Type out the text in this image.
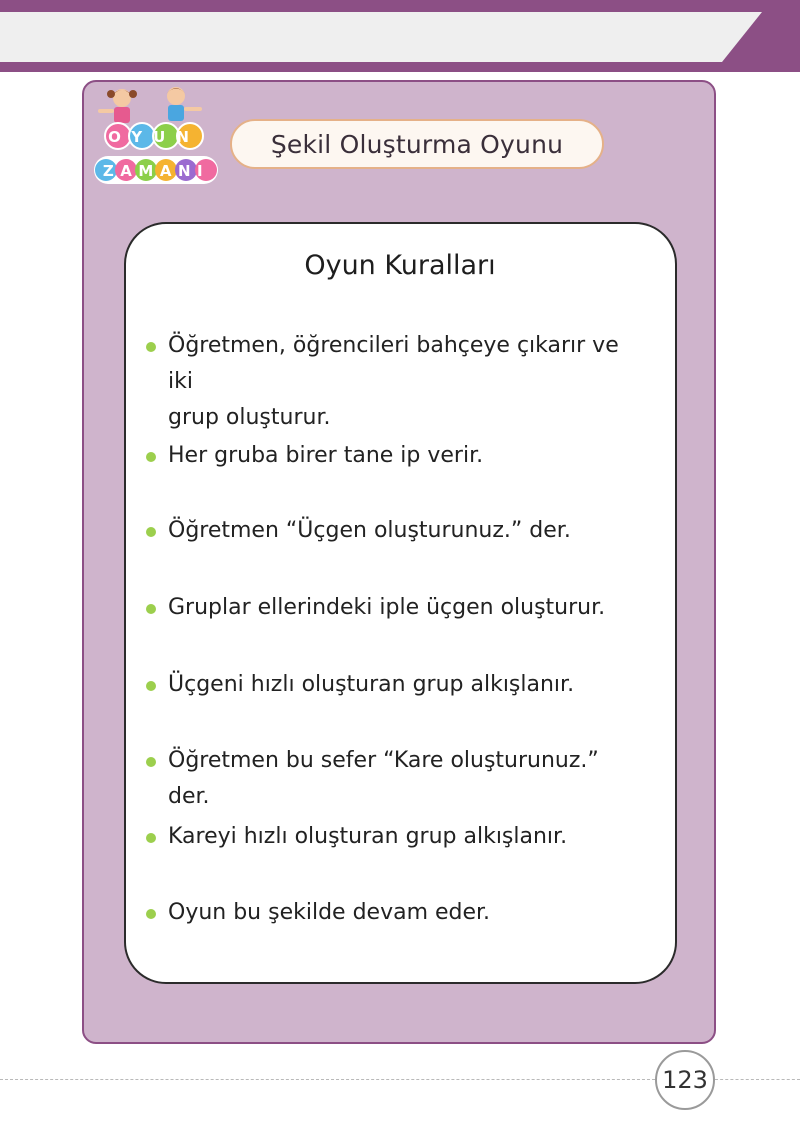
OYUN
ZAMANI
Şekil Oluşturma Oyunu
Oyun Kuralları
Öğretmen, öğrencileri bahçeye çıkarır ve iki
grup oluşturur.
Her gruba birer tane ip verir.
Öğretmen “Üçgen oluşturunuz.” der.
Gruplar ellerindeki iple üçgen oluşturur.
Üçgeni hızlı oluşturan grup alkışlanır.
Öğretmen bu sefer “Kare oluşturunuz.” der.
Kareyi hızlı oluşturan grup alkışlanır.
Oyun bu şekilde devam eder.
123
